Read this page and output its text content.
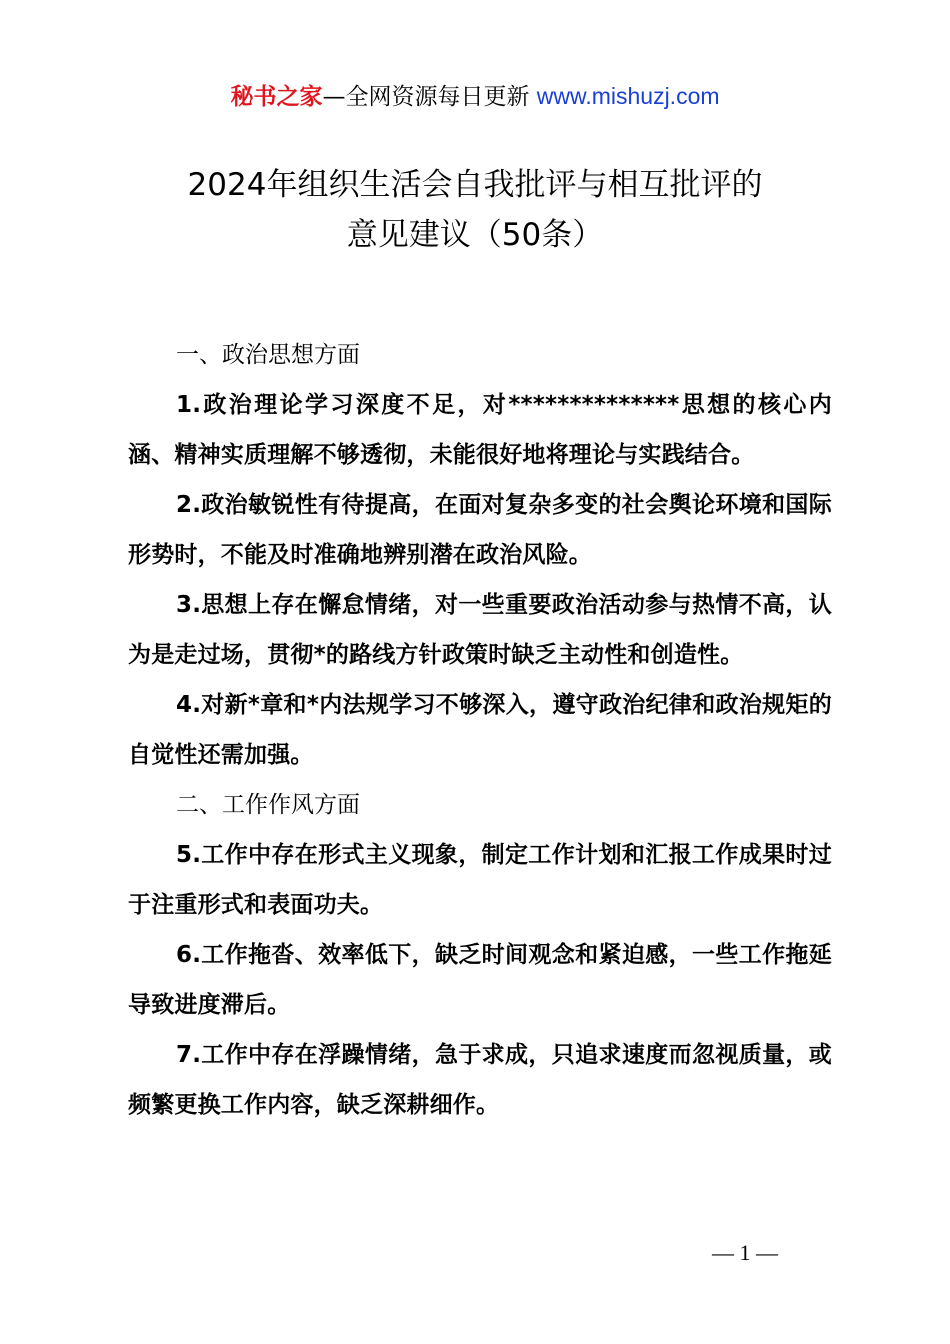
秘书之家—全网资源每日更新 www.mishuzj.com
2024年组织生活会自我批评与相互批评的
意见建议（50条）

一、政治思想方面

1.政治理论学习深度不足，对**************思想的核心内涵、精神实质理解不够透彻，未能很好地将理论与实践结合。

2.政治敏锐性有待提高，在面对复杂多变的社会舆论环境和国际形势时，不能及时准确地辨别潜在政治风险。

3.思想上存在懈怠情绪，对一些重要政治活动参与热情不高，认为是走过场，贯彻*的路线方针政策时缺乏主动性和创造性。

4.对新*章和*内法规学习不够深入，遵守政治纪律和政治规矩的自觉性还需加强。

二、工作作风方面

5.工作中存在形式主义现象，制定工作计划和汇报工作成果时过于注重形式和表面功夫。

6.工作拖沓、效率低下，缺乏时间观念和紧迫感，一些工作拖延导致进度滞后。

7.工作中存在浮躁情绪，急于求成，只追求速度而忽视质量，或频繁更换工作内容，缺乏深耕细作。

— 1 —
